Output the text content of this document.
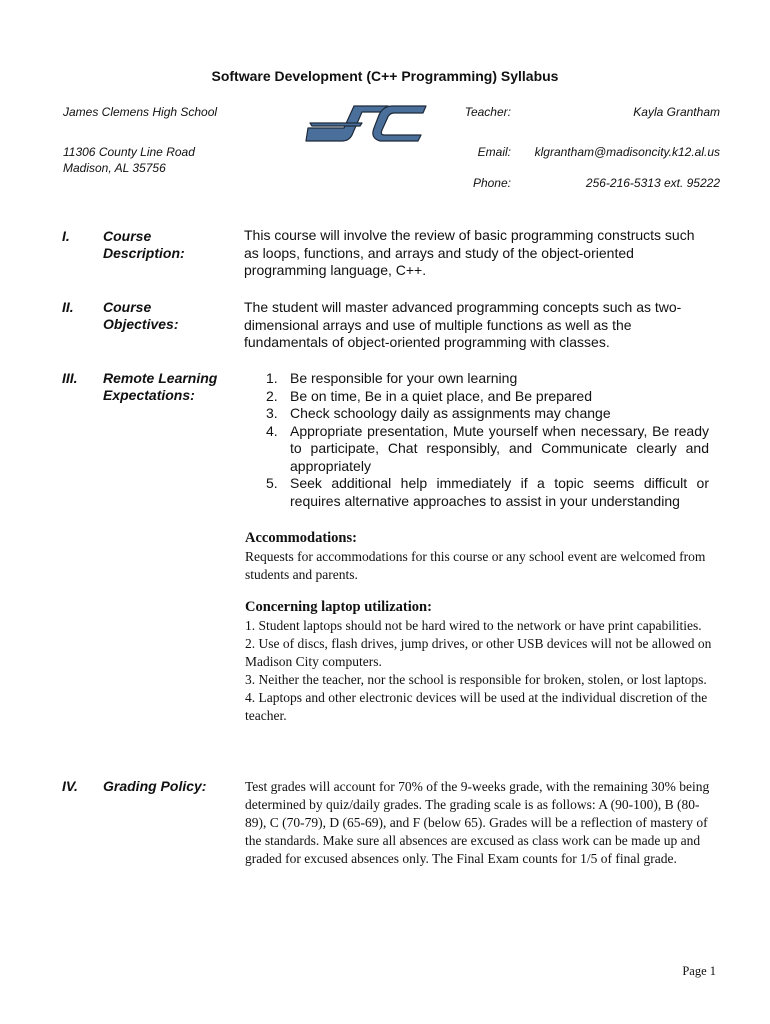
Software Development (C++ Programming) Syllabus
James Clemens High School
11306 County Line Road
Madison, AL 35756
Teacher:	Kayla Grantham
Email:	klgrantham@madisoncity.k12.al.us
Phone:	256-216-5313 ext. 95222
I. Course
Description:
This course will involve the review of basic programming constructs such as loops, functions, and arrays and study of the object-oriented programming language, C++.
II. Course
Objectives:
The student will master advanced programming concepts such as two-dimensional arrays and use of multiple functions as well as the fundamentals of object-oriented programming with classes.
III. Remote Learning
Expectations:
1. Be responsible for your own learning
2. Be on time, Be in a quiet place, and Be prepared
3. Check schoology daily as assignments may change
4. Appropriate presentation, Mute yourself when necessary, Be ready to participate, Chat responsibly, and Communicate clearly and appropriately
5. Seek additional help immediately if a topic seems difficult or requires alternative approaches to assist in your understanding
Accommodations:
Requests for accommodations for this course or any school event are welcomed from students and parents.
Concerning laptop utilization:

1. Student laptops should not be hard wired to the network or have print capabilities.

2. Use of discs, flash drives, jump drives, or other USB devices will not be allowed on Madison City computers.

3. Neither the teacher, nor the school is responsible for broken, stolen, or lost laptops.

4. Laptops and other electronic devices will be used at the individual discretion of the teacher.

IV. Grading Policy:	Test grades will account for 70% of the 9-weeks grade, with the remaining 30% being determined by quiz/daily grades. The grading scale is as follows: A (90-100), B (80-89), C (70-79), D (65-69), and F (below 65). Grades will be a reflection of mastery of the standards. Make sure all absences are excused as class work can be made up and graded for excused absences only. The Final Exam counts for 1/5 of final grade.
Page 1
